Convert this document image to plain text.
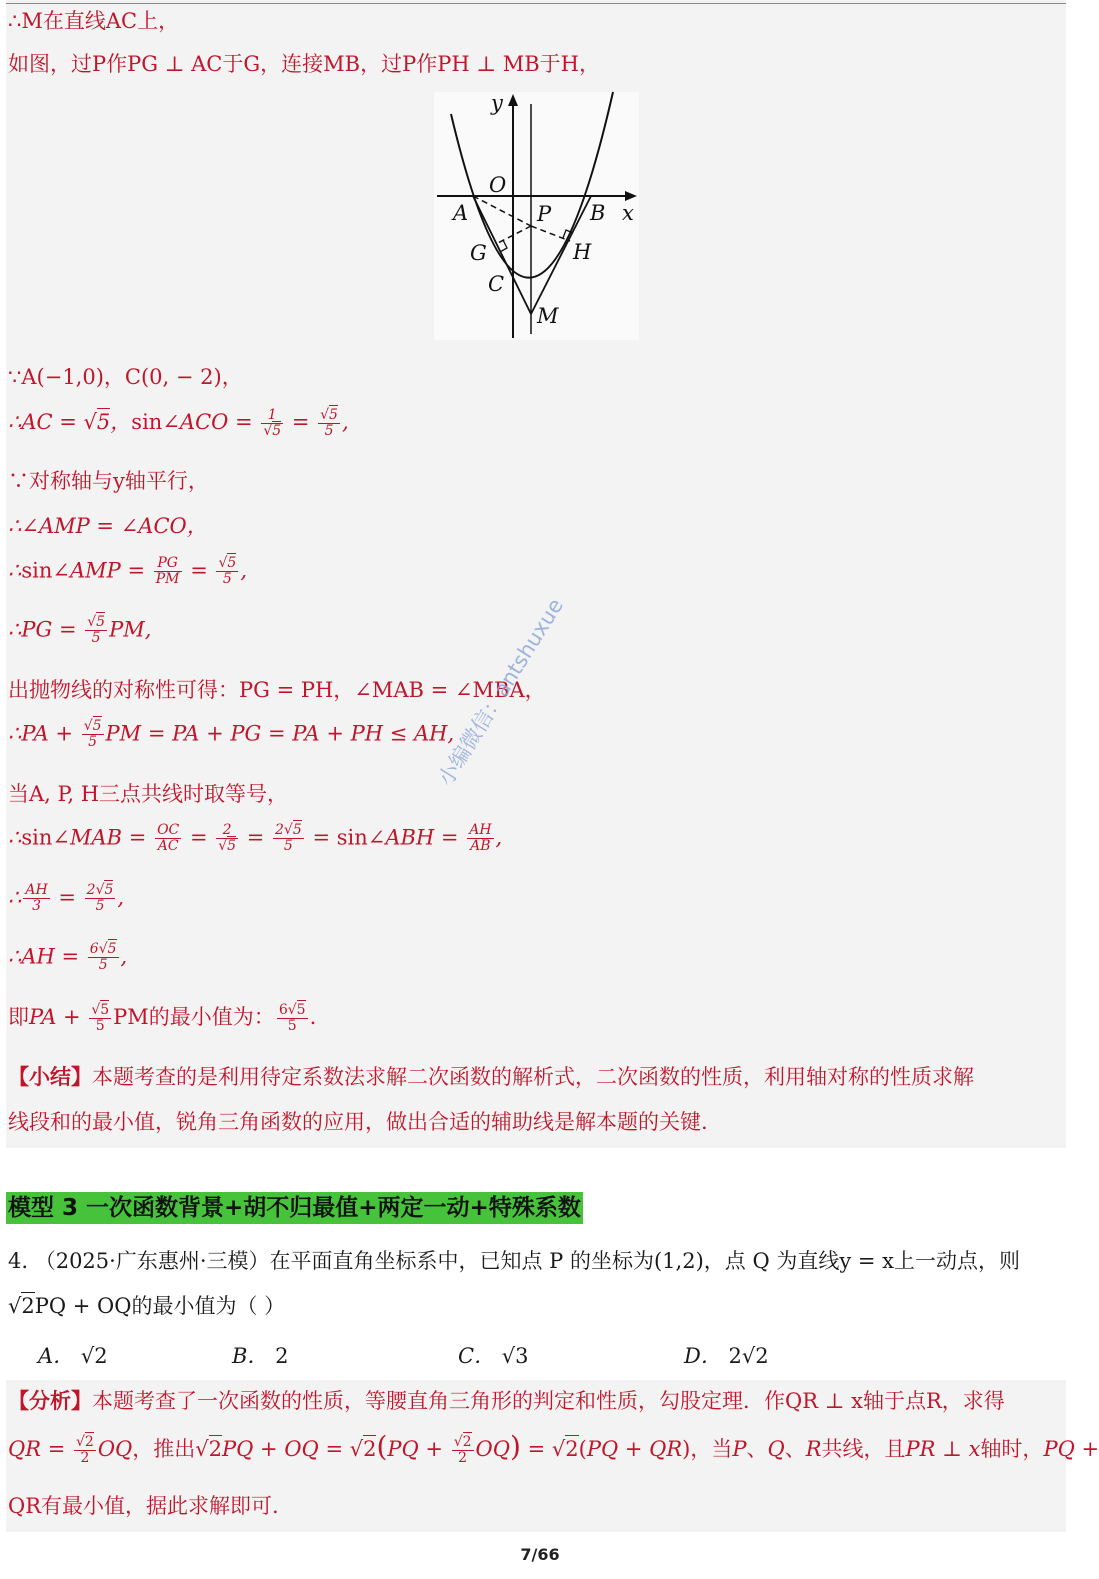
∴M在直线AC上，
如图，过P作PG ⊥ AC于G，连接MB，过P作PH ⊥ MB于H，
y
x
O
A	P B
G	H
C
M
∵A(−1,0)，C(0, − 2)，
∴AC = √5，sin∠ACO = $\frac{1}{√5} = \frac{√5}{5}$ ,
∵对称轴与y轴平行，
∴∠AMP = ∠ACO，
∴sin∠AMP = $\frac{PG}{PM} = \frac{√5}{5}$ ,
∴PG = $\frac{√5}{5}$ PM,
出抛物线的对称性可得：PG = PH，∠MAB = ∠MBA，
∴PA + $\frac{√5}{5}$ PM = PA + PG = PA + PH ≤ AH,
当A, P, H三点共线时取等号，
∴sin∠MAB = $\frac{OC}{AC} = \frac{2}{√5} = \frac{2√5}{5}$ = sin∠ABH = $\frac{AH}{AB}$ ,
∴ $\frac{AH}{3} = \frac{2√5}{5}$ ,
∴AH = $\frac{6√5}{5}$ ,
即PA + $\frac{√5}{5}$ PM的最小值为： $\frac{6√5}{5}$ .
【小结】本题考查的是利用待定系数法求解二次函数的解析式，二次函数的性质，利用轴对称的性质求解
线段和的最小值，锐角三角函数的应用，做出合适的辅助线是解本题的关键.
模型 3 一次函数背景+胡不归最值+两定一动+特殊系数
4. （2025·广东惠州·三模）在平面直角坐标系中，已知点 P 的坐标为(1,2)，点 Q 为直线y = x上一动点，则
√2PQ + OQ的最小值为（ ）
A． √2	B． 2	C． √3	D． 2√2
【分析】本题考查了一次函数的性质，等腰直角三角形的判定和性质，勾股定理．作QR ⊥ x轴于点R，求得
QR = $\frac{√2}{2}$ OQ，推出√2PQ + OQ = $√2(PQ + \frac{√2}{2} OQ) = √2(PQ + QR)$，当P、Q、R共线，且PR ⊥ x轴时，PQ +
QR有最小值，据此求解即可.
小编微信：antshuxue
7/66
